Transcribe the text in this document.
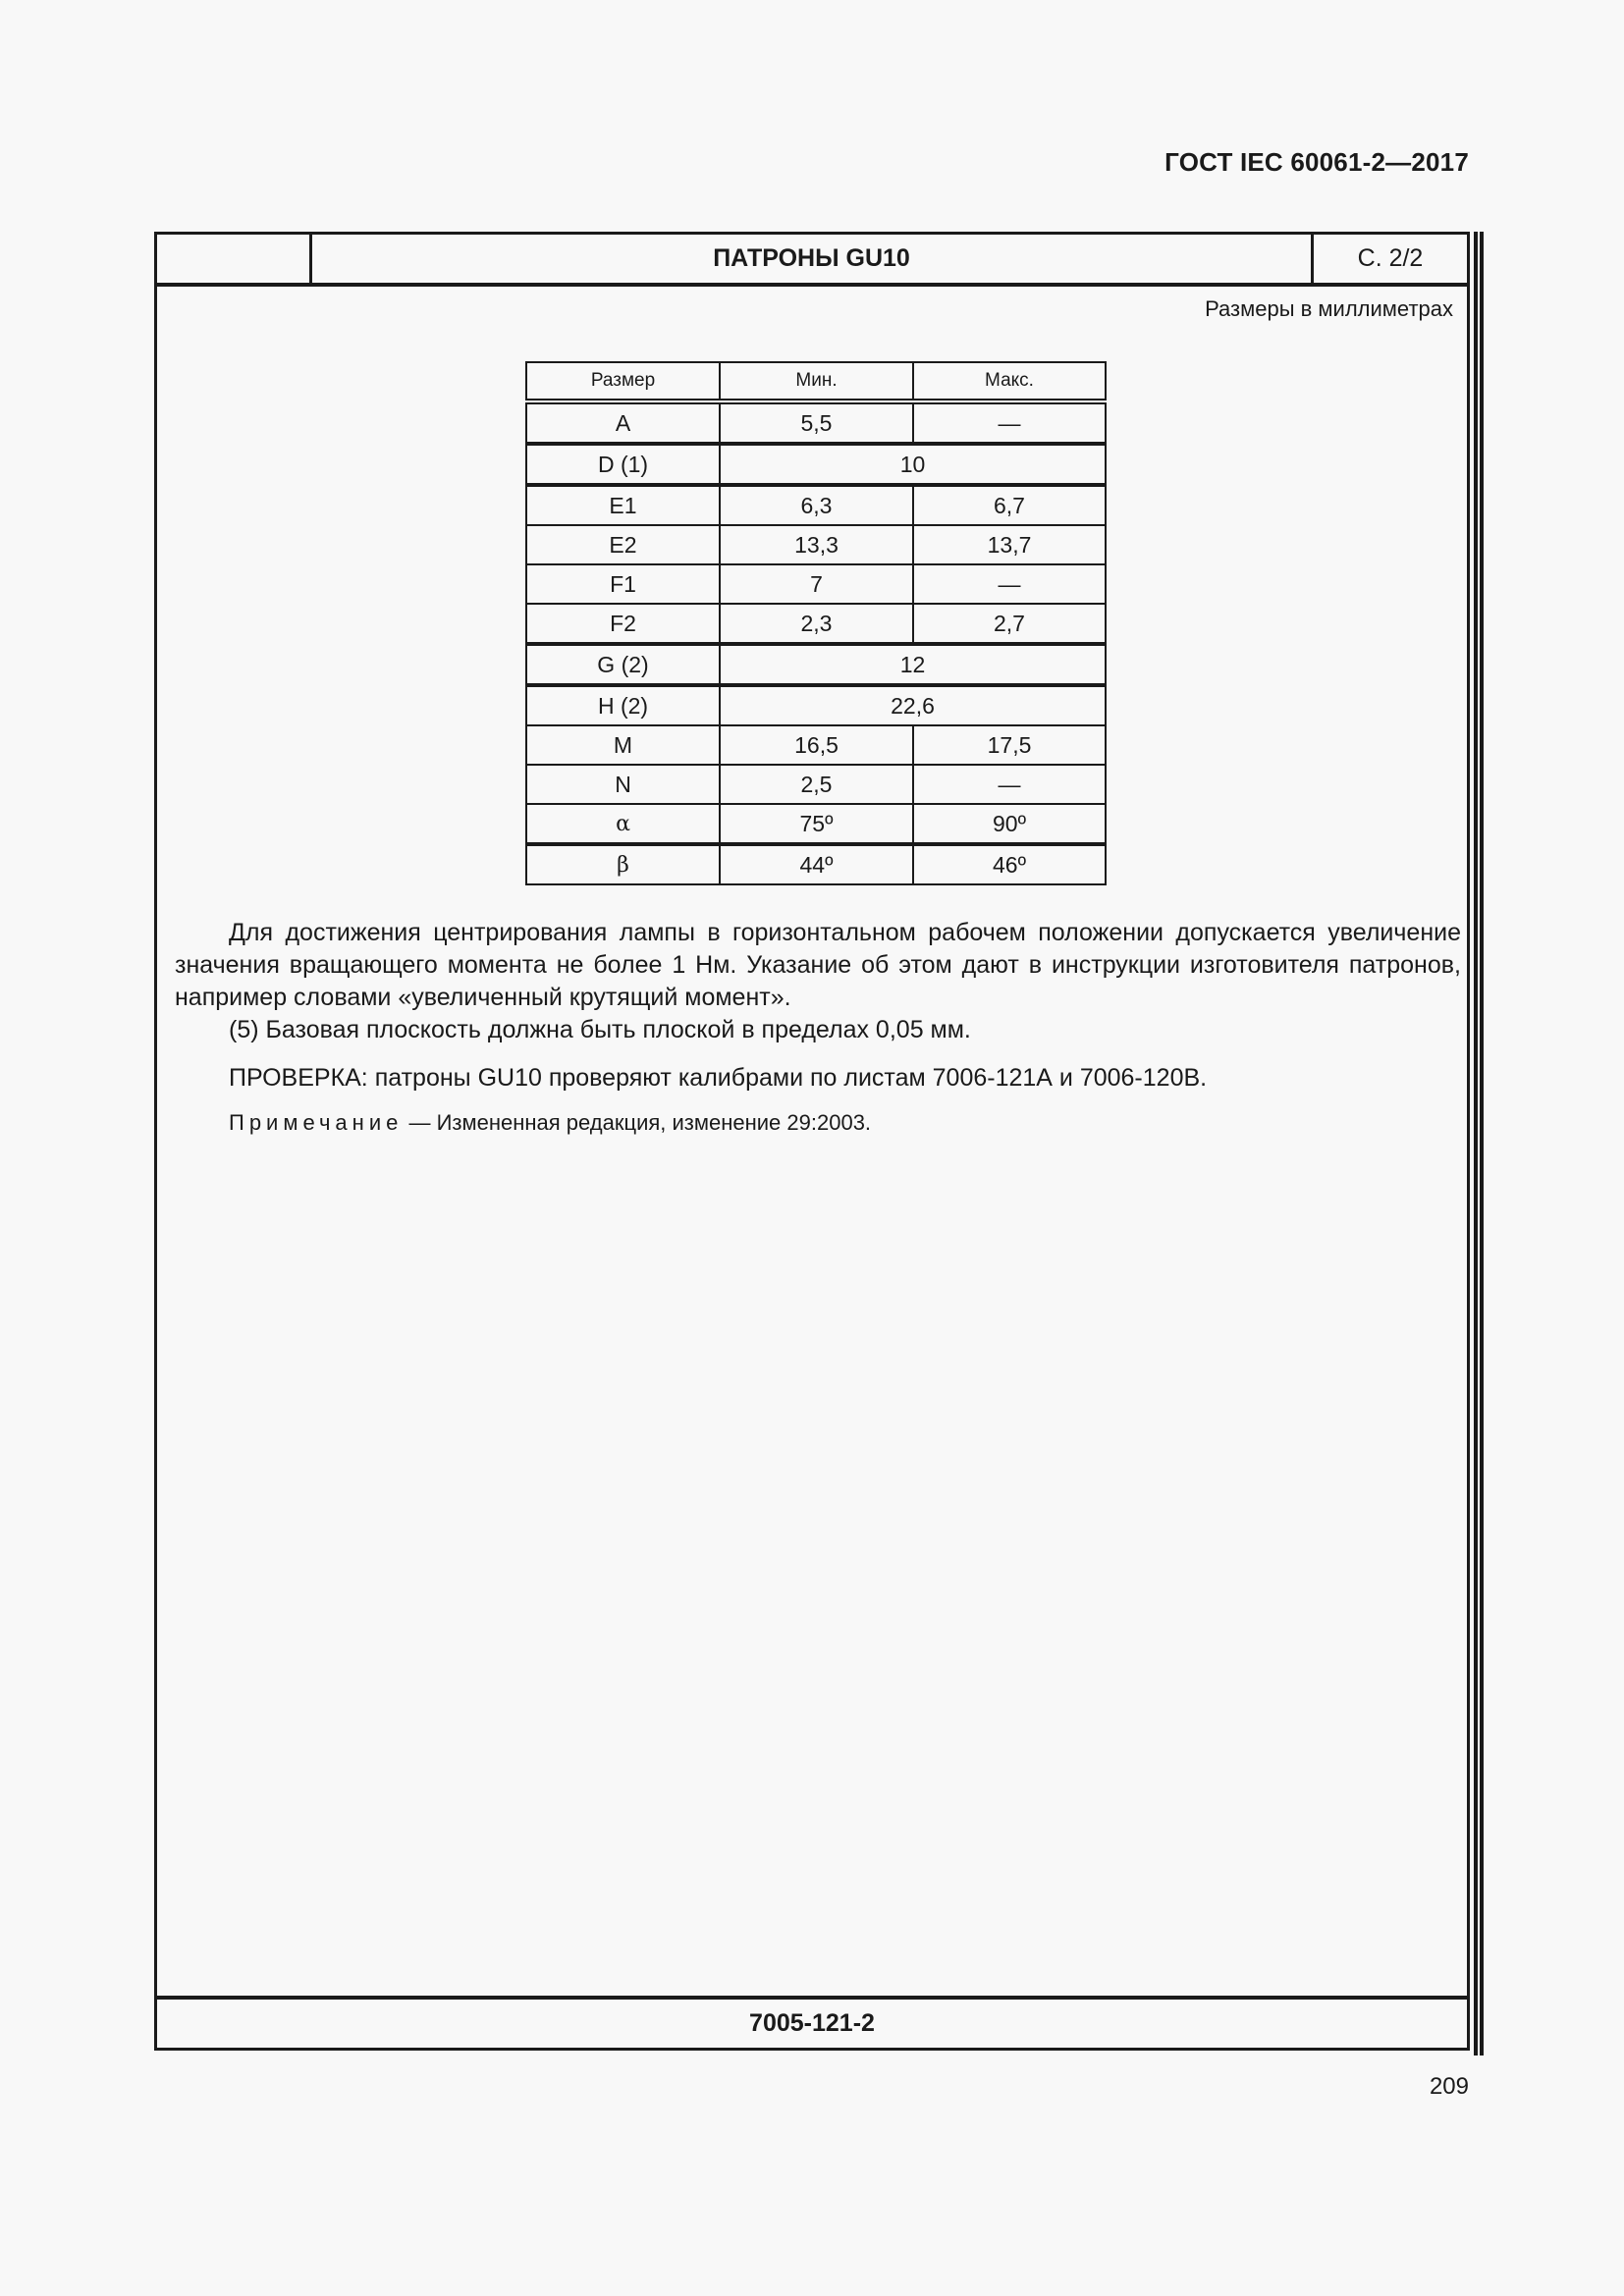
ГОСТ IEC 60061-2—2017
ПАТРОНЫ GU10	С. 2/2
Размеры в миллиметрах
Размер	Мин.	Макс.
A	5,5	—
D (1)	10	
E1	6,3	6,7
E2	13,3	13,7
F1	7	—
F2	2,3	2,7
G (2)	12	
H (2)	22,6	
M	16,5	17,5
N	2,5	—
α	75º	90º
β	44º	46º

Для достижения центрирования лампы в горизонтальном рабочем положении допускается увеличение значения вращающего момента не более 1 Нм. Указание об этом дают в инструкции изготовителя патронов, например словами «увеличенный крутящий момент».

(5) Базовая плоскость должна быть плоской в пределах 0,05 мм.

ПРОВЕРКА: патроны GU10 проверяют калибрами по листам 7006-121А и 7006-120В.

Примечание — Измененная редакция, изменение 29:2003.

7005-121-2
209
